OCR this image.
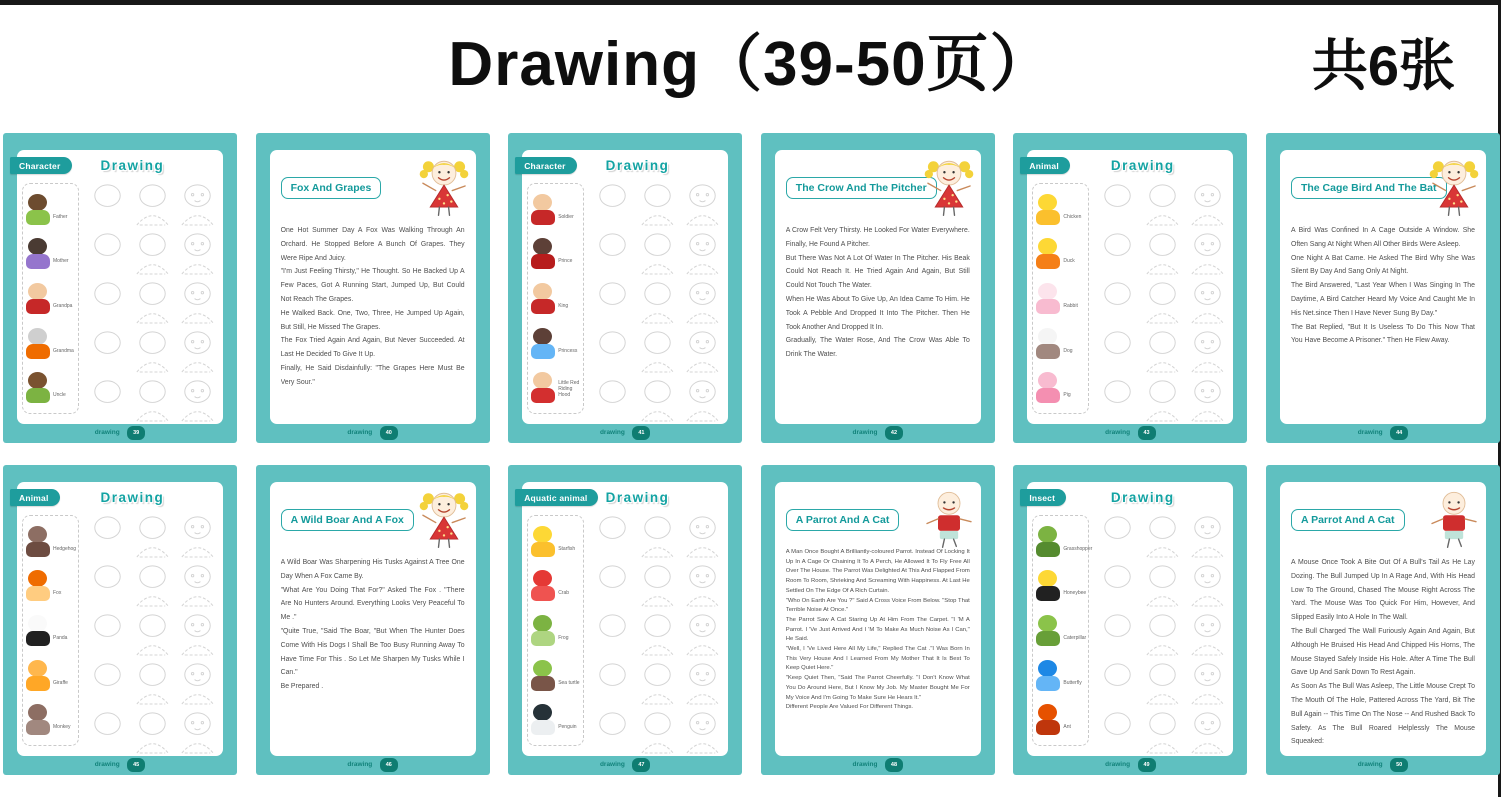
Drawing（39-50页）	共6张
Character	Drawing
Father
Mother
Grandpa
Grandma
Uncle
drawing 39
Fox And Grapes

One Hot Summer Day A Fox Was Walking Through An Orchard. He Stopped Before A Bunch Of Grapes. They Were Ripe And Juicy.

"I'm Just Feeling Thirsty," He Thought. So He Backed Up A Few Paces, Got A Running Start, Jumped Up, But Could Not Reach The Grapes.

He Walked Back. One, Two, Three, He Jumped Up Again, But Still, He Missed The Grapes.

The Fox Tried Again And Again, But Never Succeeded. At Last He Decided To Give It Up.

Finally, He Said Disdainfully: "The Grapes Here Must Be Very Sour."

drawing 40
Character	Drawing
Soldier
Prince
King
Princess
Little Red Riding Hood
drawing 41
The Crow And The Pitcher

A Crow Felt Very Thirsty. He Looked For Water Everywhere. Finally, He Found A Pitcher.

But There Was Not A Lot Of Water In The Pitcher. His Beak Could Not Reach It. He Tried Again And Again, But Still Could Not Touch The Water.

When He Was About To Give Up, An Idea Came To Him. He Took A Pebble And Dropped It Into The Pitcher. Then He Took Another And Dropped It In.

Gradually, The Water Rose, And The Crow Was Able To Drink The Water.

drawing 42
Animal	Drawing
Chicken
Duck
Rabbit
Dog
Pig
drawing 43
The Cage Bird And The Bat

A Bird Was Confined In A Cage Outside A Window. She Often Sang At Night When All Other Birds Were Asleep.

One Night A Bat Came. He Asked The Bird Why She Was Silent By Day And Sang Only At Night.

The Bird Answered, "Last Year When I Was Singing In The Daytime, A Bird Catcher Heard My Voice And Caught Me In His Net.since Then I Have Never Sung By Day."

The Bat Replied, "But It Is Useless To Do This Now That You Have Become A Prisoner." Then He Flew Away.

drawing 44
Animal	Drawing
Hedgehog
Fox
Panda
Giraffe
Monkey
drawing 45
A Wild Boar And A Fox

A Wild Boar Was Sharpening His Tusks Against A Tree One Day When A Fox Came By.

"What Are You Doing That For?" Asked The Fox . "There Are No Hunters Around. Everything Looks Very Peaceful To Me ."

"Quite True, "Said The Boar, "But When The Hunter Does Come With His Dogs I Shall Be Too Busy Running Away To Have Time For This . So Let Me Sharpen My Tusks While I Can."

Be Prepared .

drawing 46
Aquatic animal	Drawing
Starfish
Crab
Frog
Sea turtle
Penguin
drawing 47
A Parrot And A Cat

A Man Once Bought A Brilliantly-coloured Parrot. Instead Of Locking It Up In A Cage Or Chaining It To A Perch, He Allowed It To Fly Free All Over The House. The Parrot Was Delighted At This And Flapped From Room To Room, Shrieking And Screaming With Happiness. At Last He Settled On The Edge Of A Rich Curtain.

"Who On Earth Are You ?" Said A Cross Voice From Below. "Stop That Terrible Noise At Once."

The Parrot Saw A Cat Staring Up At Him From The Carpet. "I 'M A Parrot. I 'Ve Just Arrived And I 'M To Make As Much Noise As I Can," He Said.

"Well, I 'Ve Lived Here All My Life," Replied The Cat ."I Was Born In This Very House And I Learned From My Mother That It Is Best To Keep Quiet Here."

"Keep Quiet Then, "Said The Parrot Cheerfully. "I Don't Know What You Do Around Here, But I Know My Job. My Master Bought Me For My Voice And I'm Going To Make Sure He Hears It."

Different People Are Valued For Different Things.

drawing 48
Insect	Drawing
Grasshopper
Honeybee
Caterpillar
Butterfly
Ant
drawing 49
A Parrot And A Cat

A Mouse Once Took A Bite Out Of A Bull's Tail As He Lay Dozing. The Bull Jumped Up In A Rage And, With His Head Low To The Ground, Chased The Mouse Right Across The Yard. The Mouse Was Too Quick For Him, However, And Slipped Easily Into A Hole In The Wall.

The Bull Charged The Wall Furiously Again And Again, But Although He Bruised His Head And Chipped His Horns, The Mouse Stayed Safely Inside His Hole. After A Time The Bull Gave Up And Sank Down To Rest Again.

As Soon As The Bull Was Asleep, The Little Mouse Crept To The Mouth Of The Hole, Pattered Across The Yard, Bit The Bull Again -- This Time On The Nose -- And Rushed Back To Safety. As The Bull Roared Helplessly The Mouse Squeaked:

drawing 50
